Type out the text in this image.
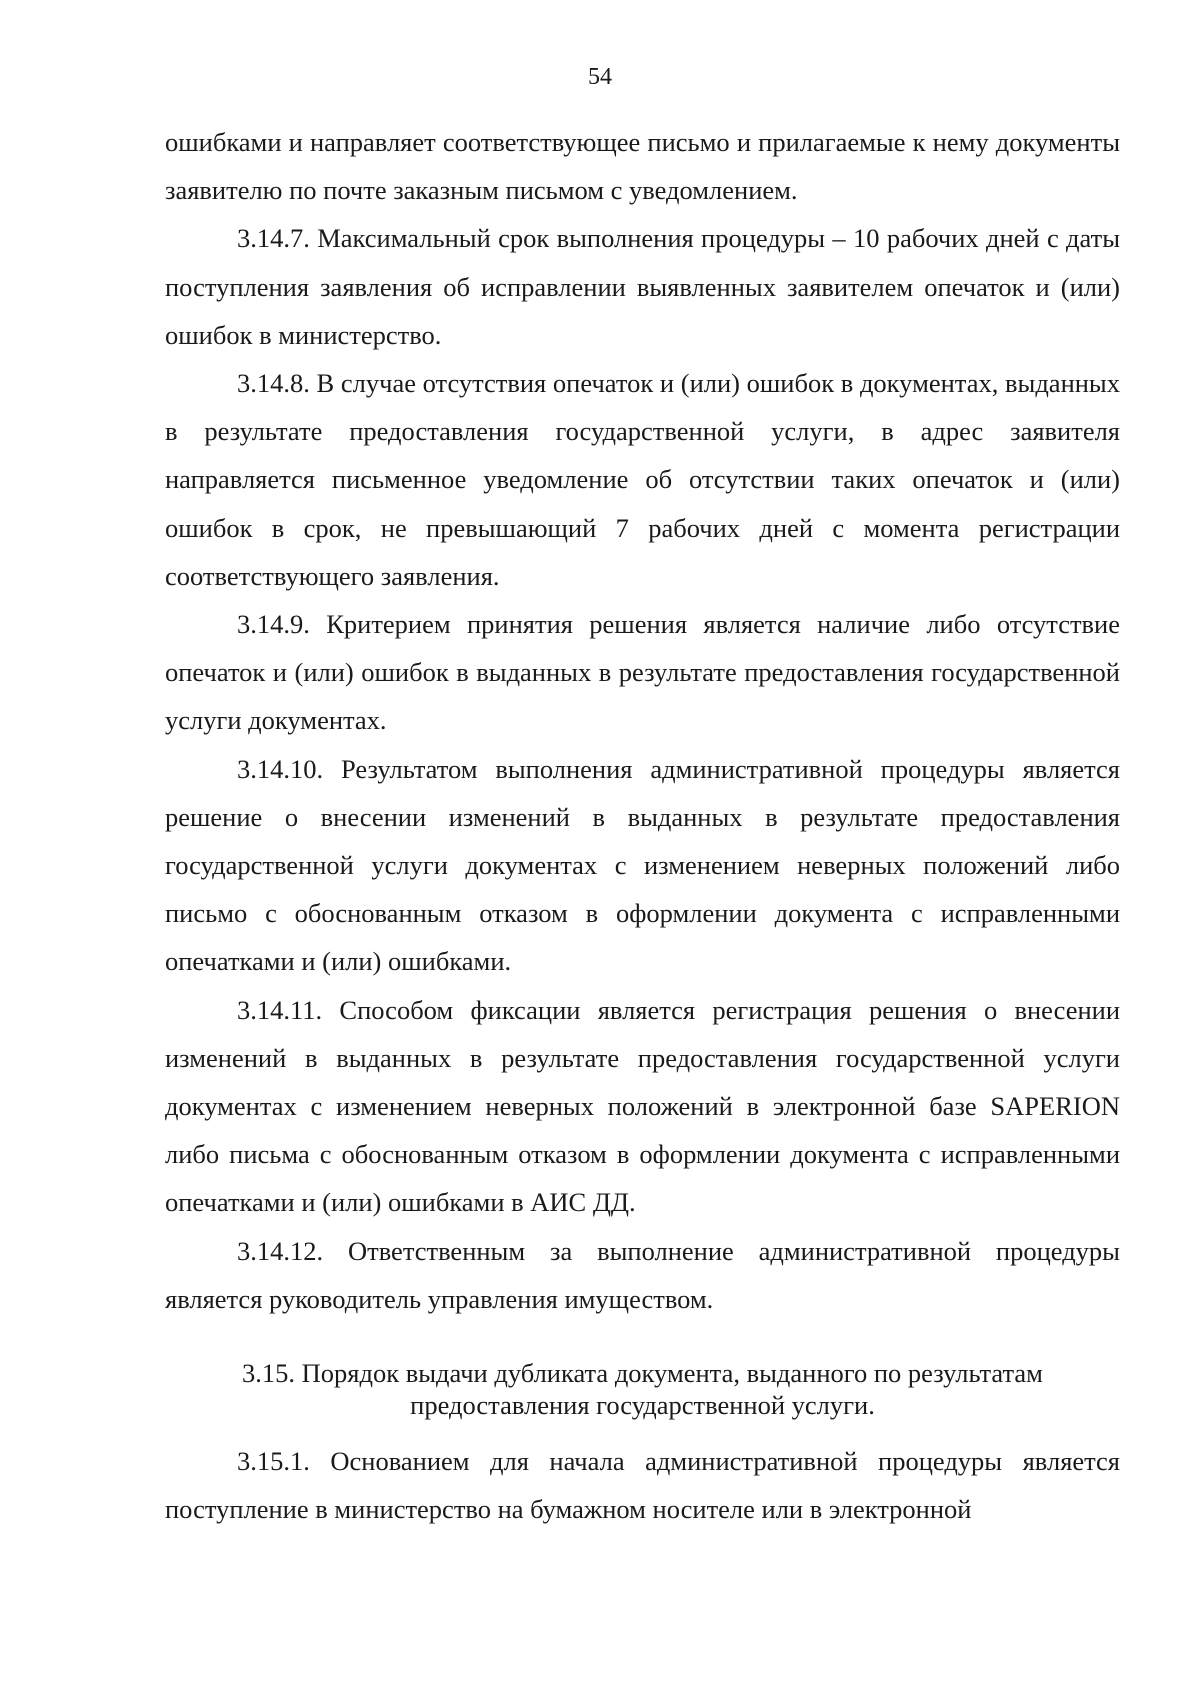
54

ошибками и направляет соответствующее письмо и прилагаемые к нему документы заявителю по почте заказным письмом с уведомлением.

3.14.7. Максимальный срок выполнения процедуры – 10 рабочих дней с даты поступления заявления об исправлении выявленных заявителем опечаток и (или) ошибок в министерство.

3.14.8. В случае отсутствия опечаток и (или) ошибок в документах, выданных в результате предоставления государственной услуги, в адрес заявителя направляется письменное уведомление об отсутствии таких опечаток и (или) ошибок в срок, не превышающий 7 рабочих дней с момента регистрации соответствующего заявления.

3.14.9. Критерием принятия решения является наличие либо отсутствие опечаток и (или) ошибок в выданных в результате предоставления государственной услуги документах.

3.14.10. Результатом выполнения административной процедуры является решение о внесении изменений в выданных в результате предоставления государственной услуги документах с изменением неверных положений либо письмо с обоснованным отказом в оформлении документа с исправленными опечатками и (или) ошибками.

3.14.11. Способом фиксации является регистрация решения о внесении изменений в выданных в результате предоставления государственной услуги документах с изменением неверных положений в электронной базе SAPERION либо письма с обоснованным отказом в оформлении документа с исправленными опечатками и (или) ошибками в АИС ДД.

3.14.12. Ответственным за выполнение административной процедуры является руководитель управления имуществом.

3.15. Порядок выдачи дубликата документа, выданного по результатам
предоставления государственной услуги.

3.15.1. Основанием для начала административной процедуры является поступление в министерство на бумажном носителе или в электронной
